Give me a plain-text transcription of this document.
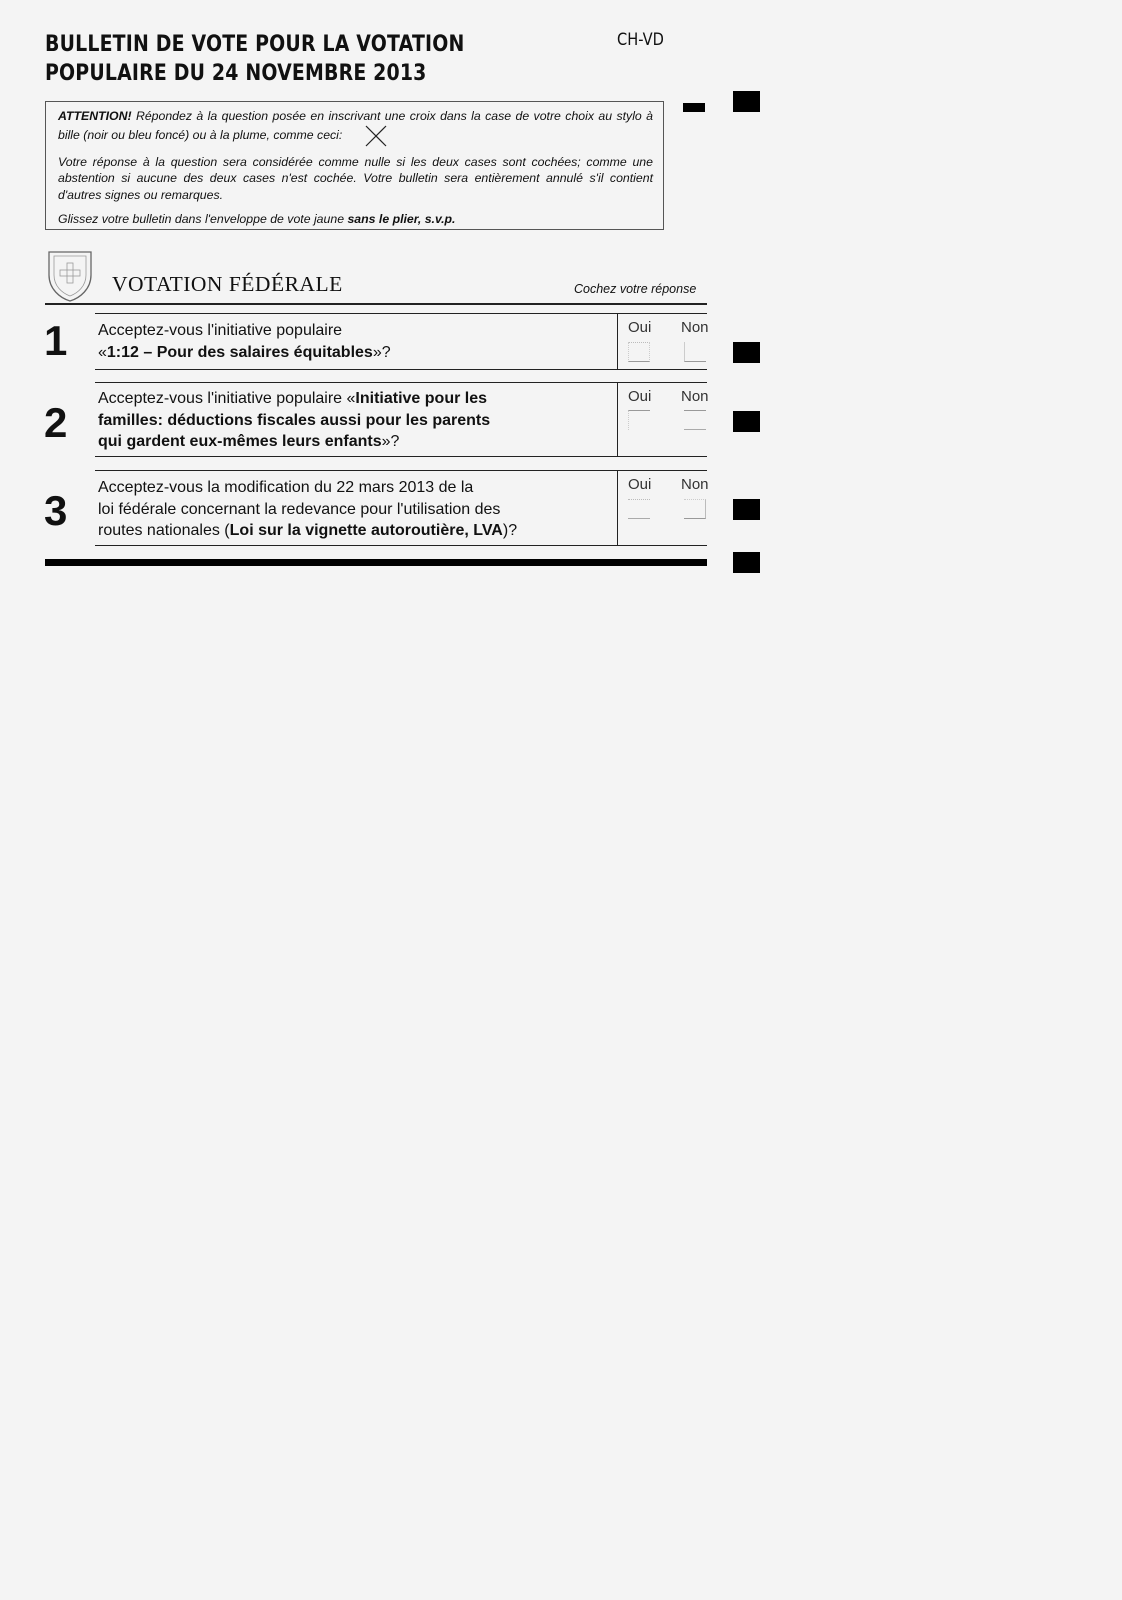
BULLETIN DE VOTE POUR LA VOTATION
POPULAIRE DU 24 NOVEMBRE 2013
CH-VD

ATTENTION! Répondez à la question posée en inscrivant une croix dans la case de votre choix au stylo à bille (noir ou bleu foncé) ou à la plume, comme ceci:

Votre réponse à la question sera considérée comme nulle si les deux cases sont cochées; comme une abstention si aucune des deux cases n'est cochée. Votre bulletin sera entièrement annulé s'il contient d'autres signes ou remarques.

Glissez votre bulletin dans l'enveloppe de vote jaune sans le plier, s.v.p.

VOTATION FÉDÉRALE	Cochez votre réponse
1 Acceptez-vous l'initiative populaire
«1:12 – Pour des salaires équitables»?
Oui Non
2
Acceptez-vous l'initiative populaire «Initiative pour les
familles: déductions fiscales aussi pour les parents
qui gardent eux-mêmes leurs enfants»?
Oui Non
3 Acceptez-vous la modification du 22 mars 2013 de la
loi fédérale concernant la redevance pour l'utilisation des
routes nationales (Loi sur la vignette autoroutière, LVA)?
Oui Non
